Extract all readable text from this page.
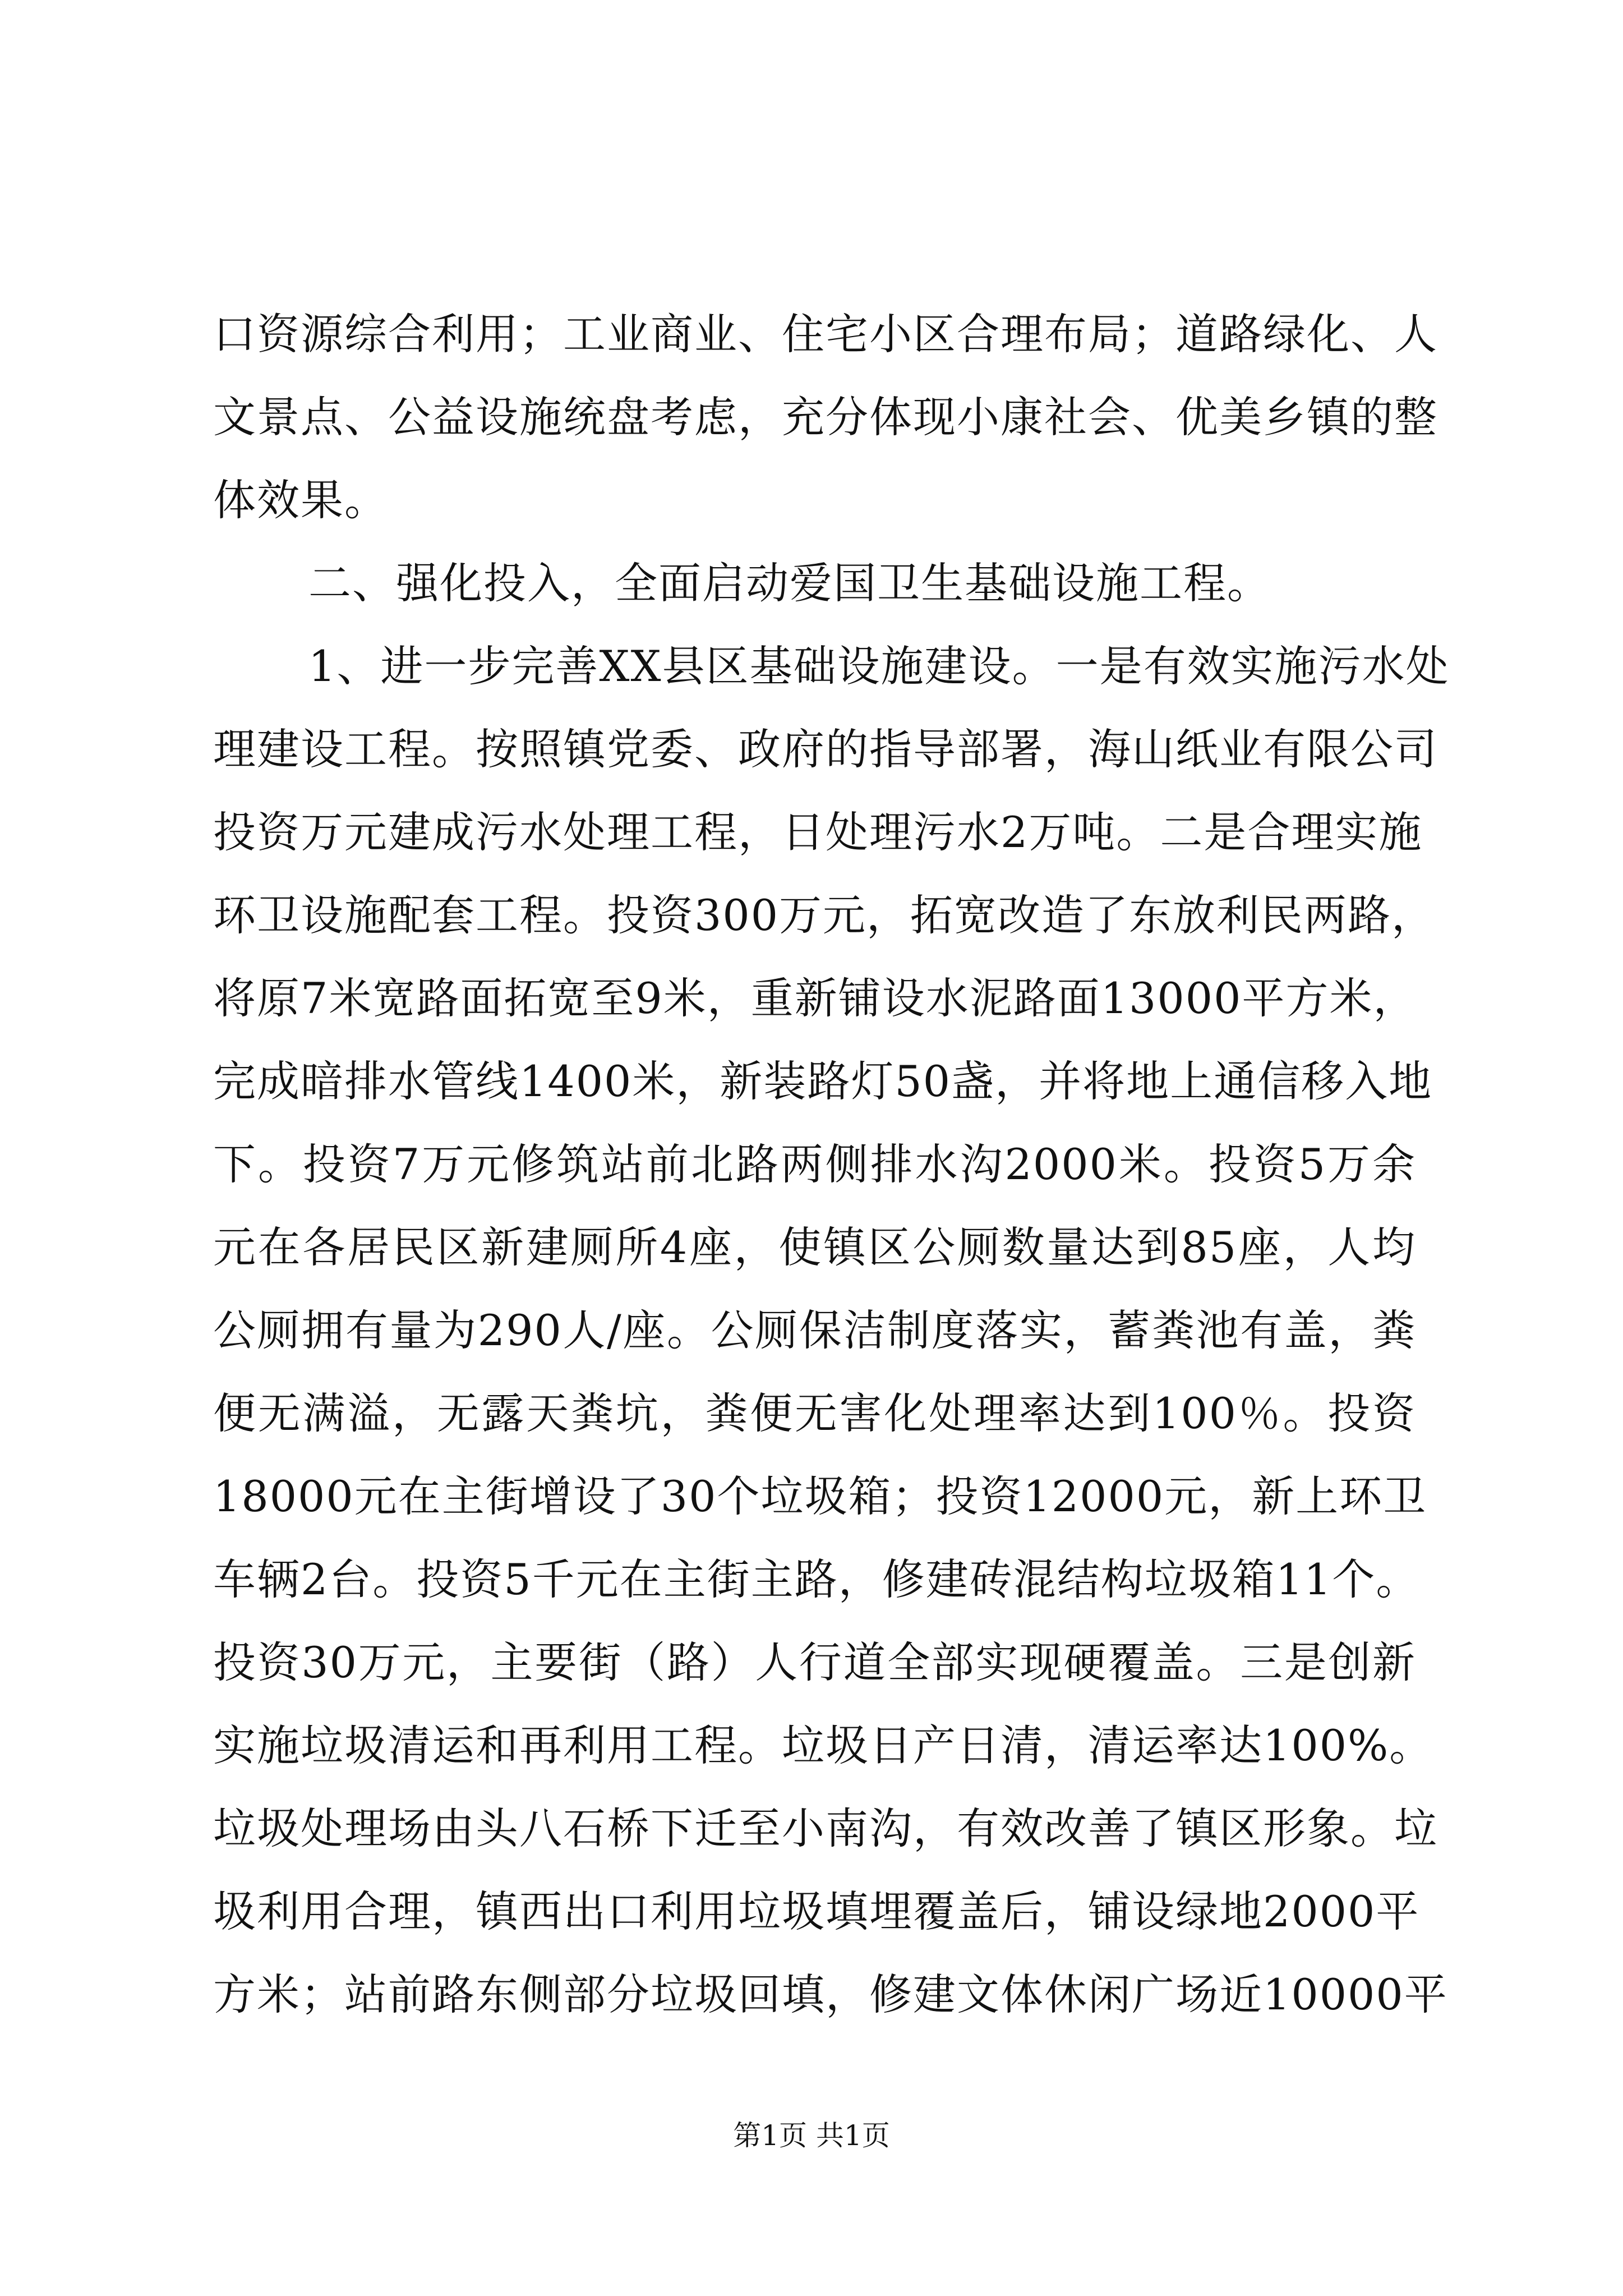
口资源综合利用；工业商业、住宅小区合理布局；道路绿化、人
文景点、公益设施统盘考虑，充分体现小康社会、优美乡镇的整
体效果。
二、强化投入，全面启动爱国卫生基础设施工程。
1、进一步完善XX县区基础设施建设。一是有效实施污水处
理建设工程。按照镇党委、政府的指导部署，海山纸业有限公司
投资万元建成污水处理工程，日处理污水2万吨。二是合理实施
环卫设施配套工程。投资300万元，拓宽改造了东放利民两路，
将原7米宽路面拓宽至9米，重新铺设水泥路面13000平方米，
完成暗排水管线1400米，新装路灯50盏，并将地上通信移入地
下。投资7万元修筑站前北路两侧排水沟2000米。投资5万余
元在各居民区新建厕所4座，使镇区公厕数量达到85座，人均
公厕拥有量为290人/座。公厕保洁制度落实，蓄粪池有盖，粪
便无满溢，无露天粪坑，粪便无害化处理率达到100％。投资
18000元在主街增设了30个垃圾箱；投资12000元，新上环卫
车辆2台。投资5千元在主街主路，修建砖混结构垃圾箱11个。
投资30万元，主要街（路）人行道全部实现硬覆盖。三是创新
实施垃圾清运和再利用工程。垃圾日产日清，清运率达100%。
垃圾处理场由头八石桥下迁至小南沟，有效改善了镇区形象。垃
圾利用合理，镇西出口利用垃圾填埋覆盖后，铺设绿地2000平
方米；站前路东侧部分垃圾回填，修建文体休闲广场近10000平
第1页 共1页
